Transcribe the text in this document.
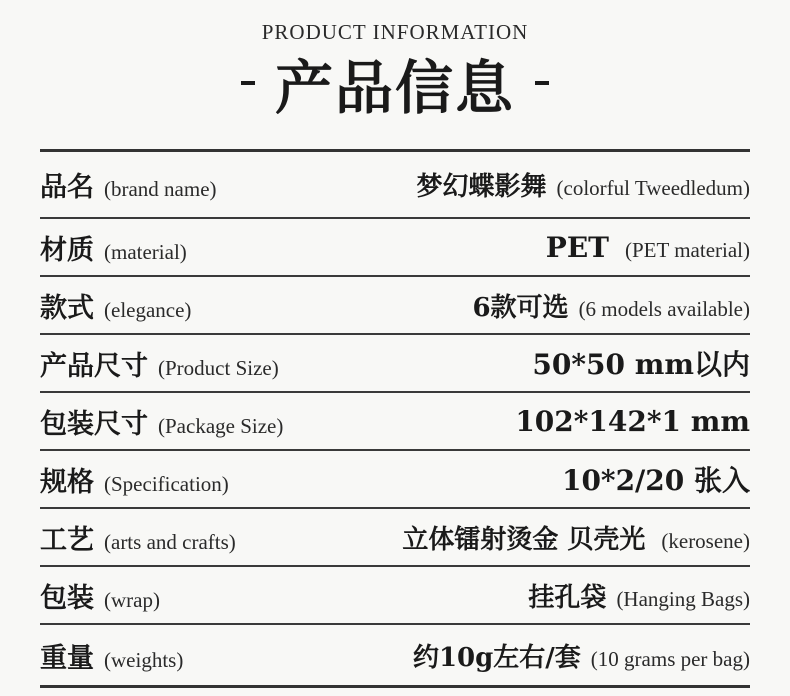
PRODUCT INFORMATION
产品信息
品名 (brand name)	梦幻蝶影舞 (colorful Tweedledum)
材质 (material)	PET (PET material)
款式 (elegance)	6款可选 (6 models available)
产品尺寸 (Product Size)	50*50 mm以内
包装尺寸 (Package Size)	102*142*1 mm
规格 (Specification)	10*2/20 张入
工艺 (arts and crafts)	立体镭射烫金 贝壳光 (kerosene)
包装 (wrap)	挂孔袋 (Hanging Bags)
重量 (weights)	约10g左右/套 (10 grams per bag)
